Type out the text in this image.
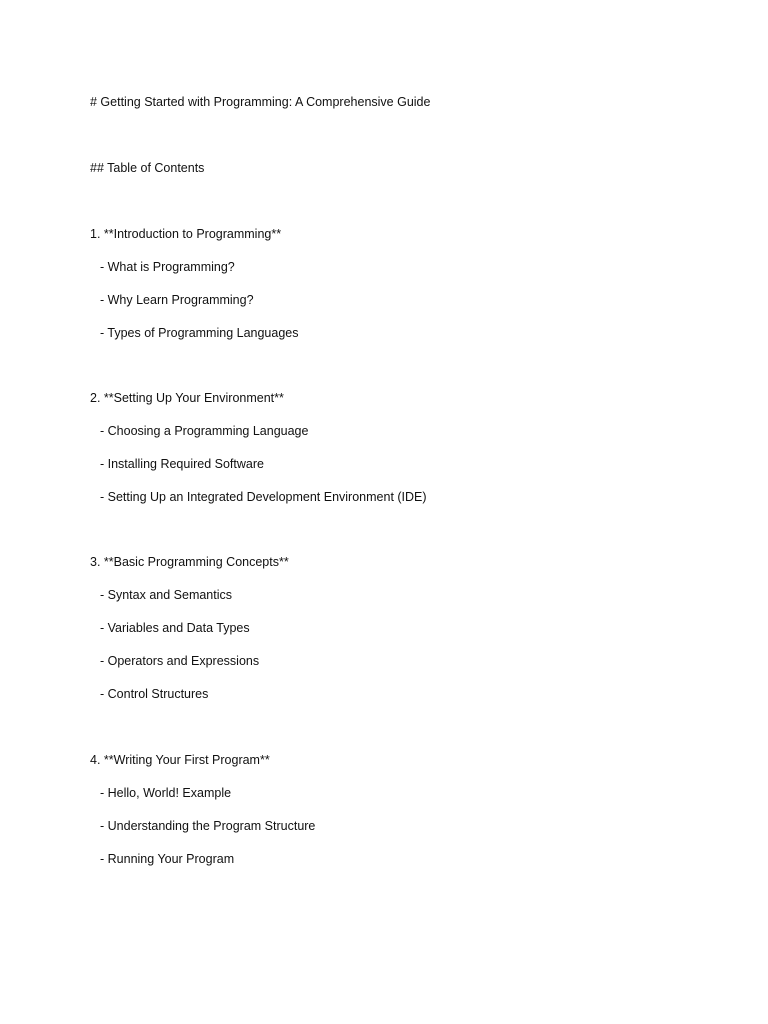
# Getting Started with Programming: A Comprehensive Guide
## Table of Contents
1. **Introduction to Programming**
- What is Programming?
- Why Learn Programming?
- Types of Programming Languages
2. **Setting Up Your Environment**
- Choosing a Programming Language
- Installing Required Software
- Setting Up an Integrated Development Environment (IDE)
3. **Basic Programming Concepts**
- Syntax and Semantics
- Variables and Data Types
- Operators and Expressions
- Control Structures
4. **Writing Your First Program**
- Hello, World! Example
- Understanding the Program Structure
- Running Your Program
